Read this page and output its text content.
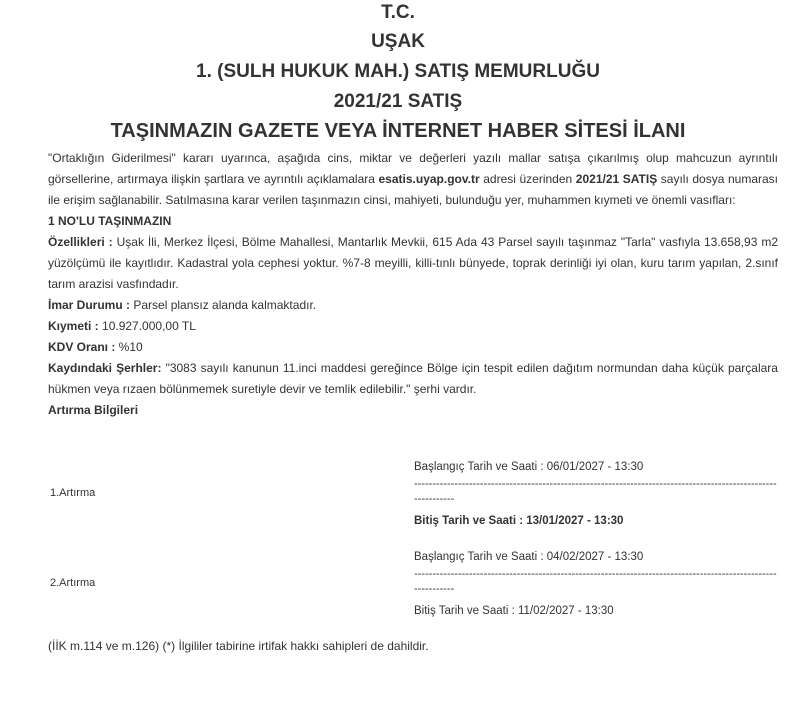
T.C.
UŞAK
1. (SULH HUKUK MAH.) SATIŞ MEMURLUĞU
2021/21 SATIŞ
TAŞINMAZIN GAZETE VEYA İNTERNET HABER SİTESİ İLANI

"Ortaklığın Giderilmesi" kararı uyarınca, aşağıda cins, miktar ve değerleri yazılı mallar satışa çıkarılmış olup mahcuzun ayrıntılı görsellerine, artırmaya ilişkin şartlara ve ayrıntılı açıklamalara esatis.uyap.gov.tr adresi üzerinden 2021/21 SATIŞ sayılı dosya numarası ile erişim sağlanabilir. Satılmasına karar verilen taşınmazın cinsi, mahiyeti, bulunduğu yer, muhammen kıymeti ve önemli vasıfları:

1 NO'LU TAŞINMAZIN

Özellikleri : Uşak İli, Merkez İlçesi, Bölme Mahallesi, Mantarlık Mevkii, 615 Ada 43 Parsel sayılı taşınmaz "Tarla" vasfıyla 13.658,93 m2 yüzölçümü ile kayıtlıdır. Kadastral yola cephesi yoktur. %7-8 meyilli, killi-tınlı bünyede, toprak derinliği iyi olan, kuru tarım yapılan, 2.sınıf tarım arazisi vasfındadır.

İmar Durumu : Parsel plansız alanda kalmaktadır.

Kıymeti : 10.927.000,00 TL

KDV Oranı : %10

Kaydındaki Şerhler: "3083 sayılı kanunun 11.inci maddesi gereğince Bölge için tespit edilen dağıtım normundan daha küçük parçalara hükmen veya rızaen bölünmemek suretiyle devir ve temlik edilebilir." şerhi vardır.

Artırma Bilgileri

1.Artırma
Başlangıç Tarih ve Saati : 06/01/2027 - 13:30
--------------------------------------------------------------------------------------------------------------
Bitiş Tarih ve Saati : 13/01/2027 - 13:30
2.Artırma
Başlangıç Tarih ve Saati : 04/02/2027 - 13:30
--------------------------------------------------------------------------------------------------------------
Bitiş Tarih ve Saati : 11/02/2027 - 13:30
(İİK m.114 ve m.126) (*) İlgililer tabirine irtifak hakkı sahipleri de dahildir.
